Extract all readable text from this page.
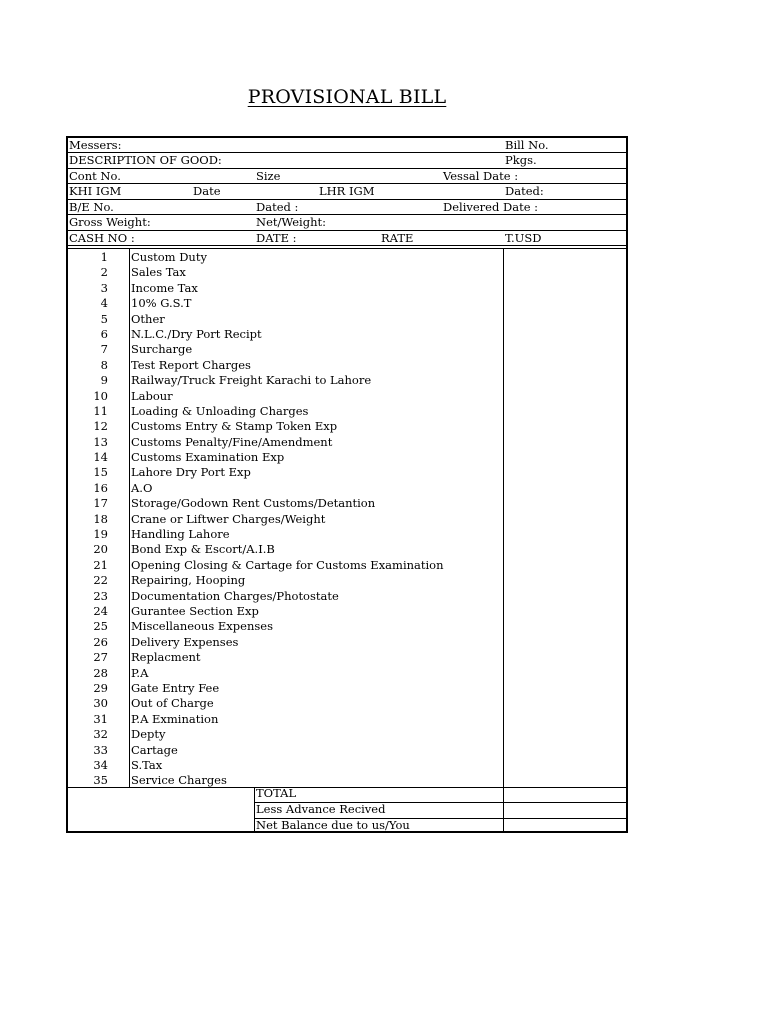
PROVISIONAL BILL
Messers:	Bill No.
DESCRIPTION OF GOOD:	Pkgs.
Cont No.	Size	Vessal Date :
KHI IGM	Date	LHR IGM	Dated:
B/E No.	Dated :	Delivered Date :
Gross Weight:	Net/Weight:
CASH NO :	DATE :	RATE	T.USD
1 Custom Duty
2 Sales Tax
3 Income Tax
4 10% G.S.T
5 Other
6 N.L.C./Dry Port Recipt
7 Surcharge
8 Test Report Charges
9 Railway/Truck Freight Karachi to Lahore
10 Labour
11 Loading & Unloading Charges
12 Customs Entry & Stamp Token Exp
13 Customs Penalty/Fine/Amendment
14 Customs Examination Exp
15 Lahore Dry Port Exp
16 A.O
17 Storage/Godown Rent Customs/Detantion
18 Crane or Liftwer Charges/Weight
19 Handling Lahore
20 Bond Exp & Escort/A.I.B
21 Opening Closing & Cartage for Customs Examination
22 Repairing, Hooping
23 Documentation Charges/Photostate
24 Gurantee Section Exp
25 Miscellaneous Expenses
26 Delivery Expenses
27 Replacment
28 P.A
29 Gate Entry Fee
30 Out of Charge
31 P.A Exmination
32 Depty
33 Cartage
34 S.Tax
35 Service Charges
TOTAL
Less Advance Recived
Net Balance due to us/You
